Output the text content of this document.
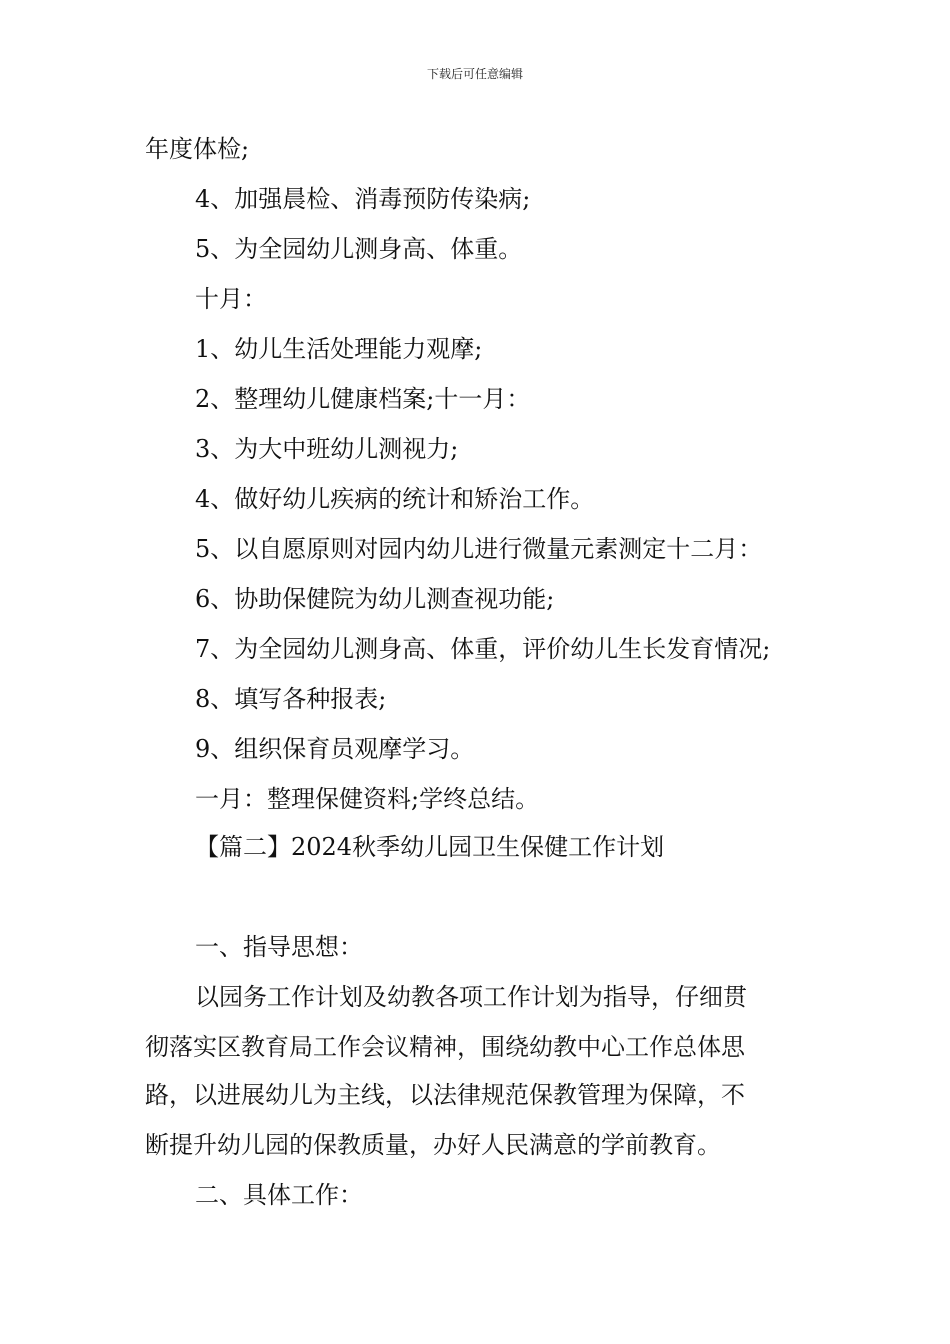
下载后可任意编辑
年度体检;
4、加强晨检、消毒预防传染病;
5、为全园幼儿测身高、体重。
十月：
1、幼儿生活处理能力观摩;
2、整理幼儿健康档案;十一月：
3、为大中班幼儿测视力;
4、做好幼儿疾病的统计和矫治工作。
5、以自愿原则对园内幼儿进行微量元素测定十二月：
6、协助保健院为幼儿测查视功能;
7、为全园幼儿测身高、体重，评价幼儿生长发育情况;
8、填写各种报表;
9、组织保育员观摩学习。
一月：整理保健资料;学终总结。
【篇二】2024秋季幼儿园卫生保健工作计划
一、指导思想：
以园务工作计划及幼教各项工作计划为指导，仔细贯
彻落实区教育局工作会议精神，围绕幼教中心工作总体思
路，以进展幼儿为主线，以法律规范保教管理为保障，不
断提升幼儿园的保教质量，办好人民满意的学前教育。
二、具体工作：
